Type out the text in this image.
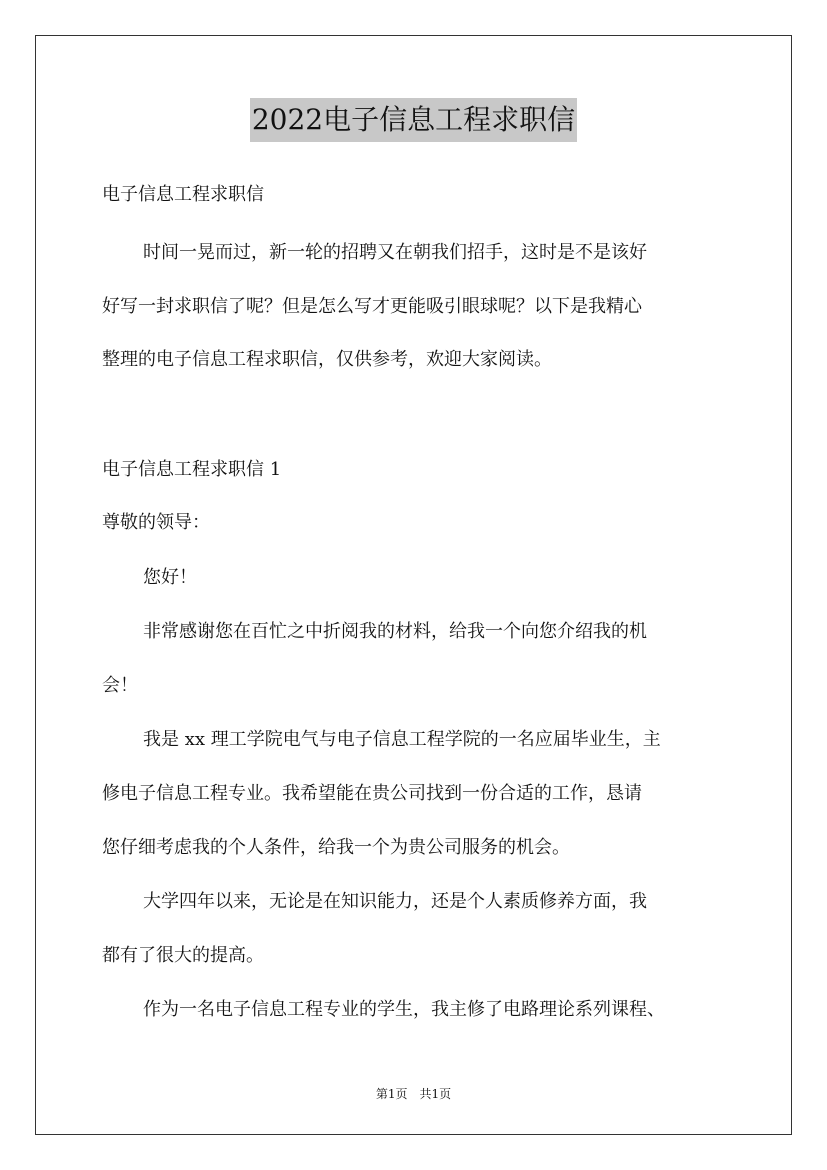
2022电子信息工程求职信
电子信息工程求职信
时间一晃而过，新一轮的招聘又在朝我们招手，这时是不是该好
好写一封求职信了呢？但是怎么写才更能吸引眼球呢？以下是我精心
整理的电子信息工程求职信，仅供参考，欢迎大家阅读。
电子信息工程求职信 1
尊敬的领导：
您好！
非常感谢您在百忙之中折阅我的材料，给我一个向您介绍我的机
会！
我是 xx 理工学院电气与电子信息工程学院的一名应届毕业生，主
修电子信息工程专业。我希望能在贵公司找到一份合适的工作，恳请
您仔细考虑我的个人条件，给我一个为贵公司服务的机会。
大学四年以来，无论是在知识能力，还是个人素质修养方面，我
都有了很大的提高。
作为一名电子信息工程专业的学生，我主修了电路理论系列课程、
第1页　共1页
